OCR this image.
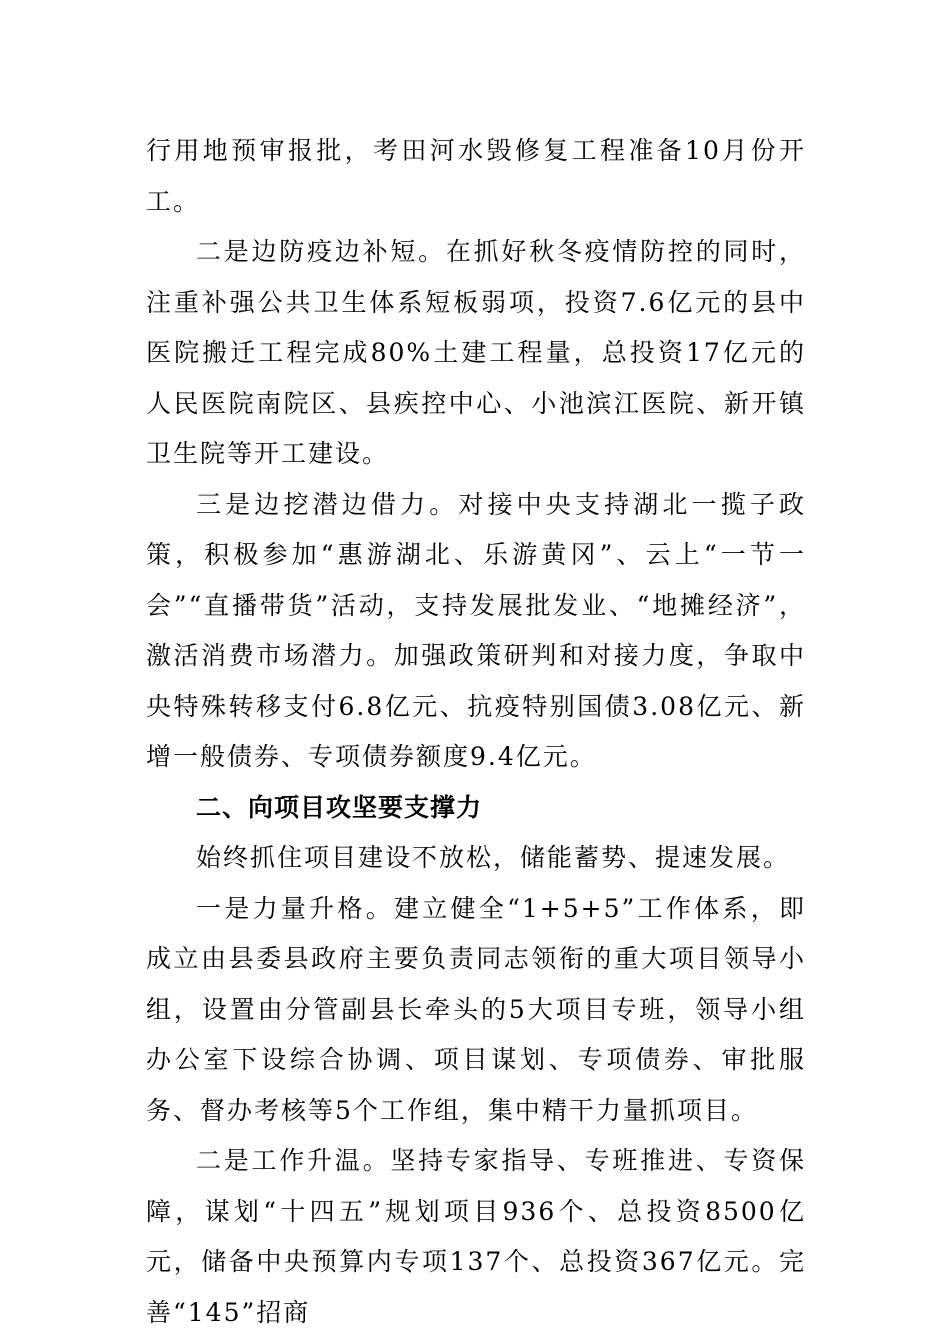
行用地预审报批，考田河水毁修复工程准备10月份开工。

二是边防疫边补短。在抓好秋冬疫情防控的同时，注重补强公共卫生体系短板弱项，投资7.6亿元的县中医院搬迁工程完成80%土建工程量，总投资17亿元的人民医院南院区、县疾控中心、小池滨江医院、新开镇卫生院等开工建设。

三是边挖潜边借力。对接中央支持湖北一揽子政策，积极参加“惠游湖北、乐游黄冈”、云上“一节一会”“直播带货”活动，支持发展批发业、“地摊经济”，激活消费市场潜力。加强政策研判和对接力度，争取中央特殊转移支付6.8亿元、抗疫特别国债3.08亿元、新增一般债券、专项债券额度9.4亿元。

二、向项目攻坚要支撑力

始终抓住项目建设不放松，储能蓄势、提速发展。

一是力量升格。建立健全“1+5+5”工作体系，即成立由县委县政府主要负责同志领衔的重大项目领导小组，设置由分管副县长牵头的5大项目专班，领导小组办公室下设综合协调、项目谋划、专项债券、审批服务、督办考核等5个工作组，集中精干力量抓项目。

二是工作升温。坚持专家指导、专班推进、专资保障，谋划“十四五”规划项目936个、总投资8500亿元，储备中央预算内专项137个、总投资367亿元。完善“145”招商
